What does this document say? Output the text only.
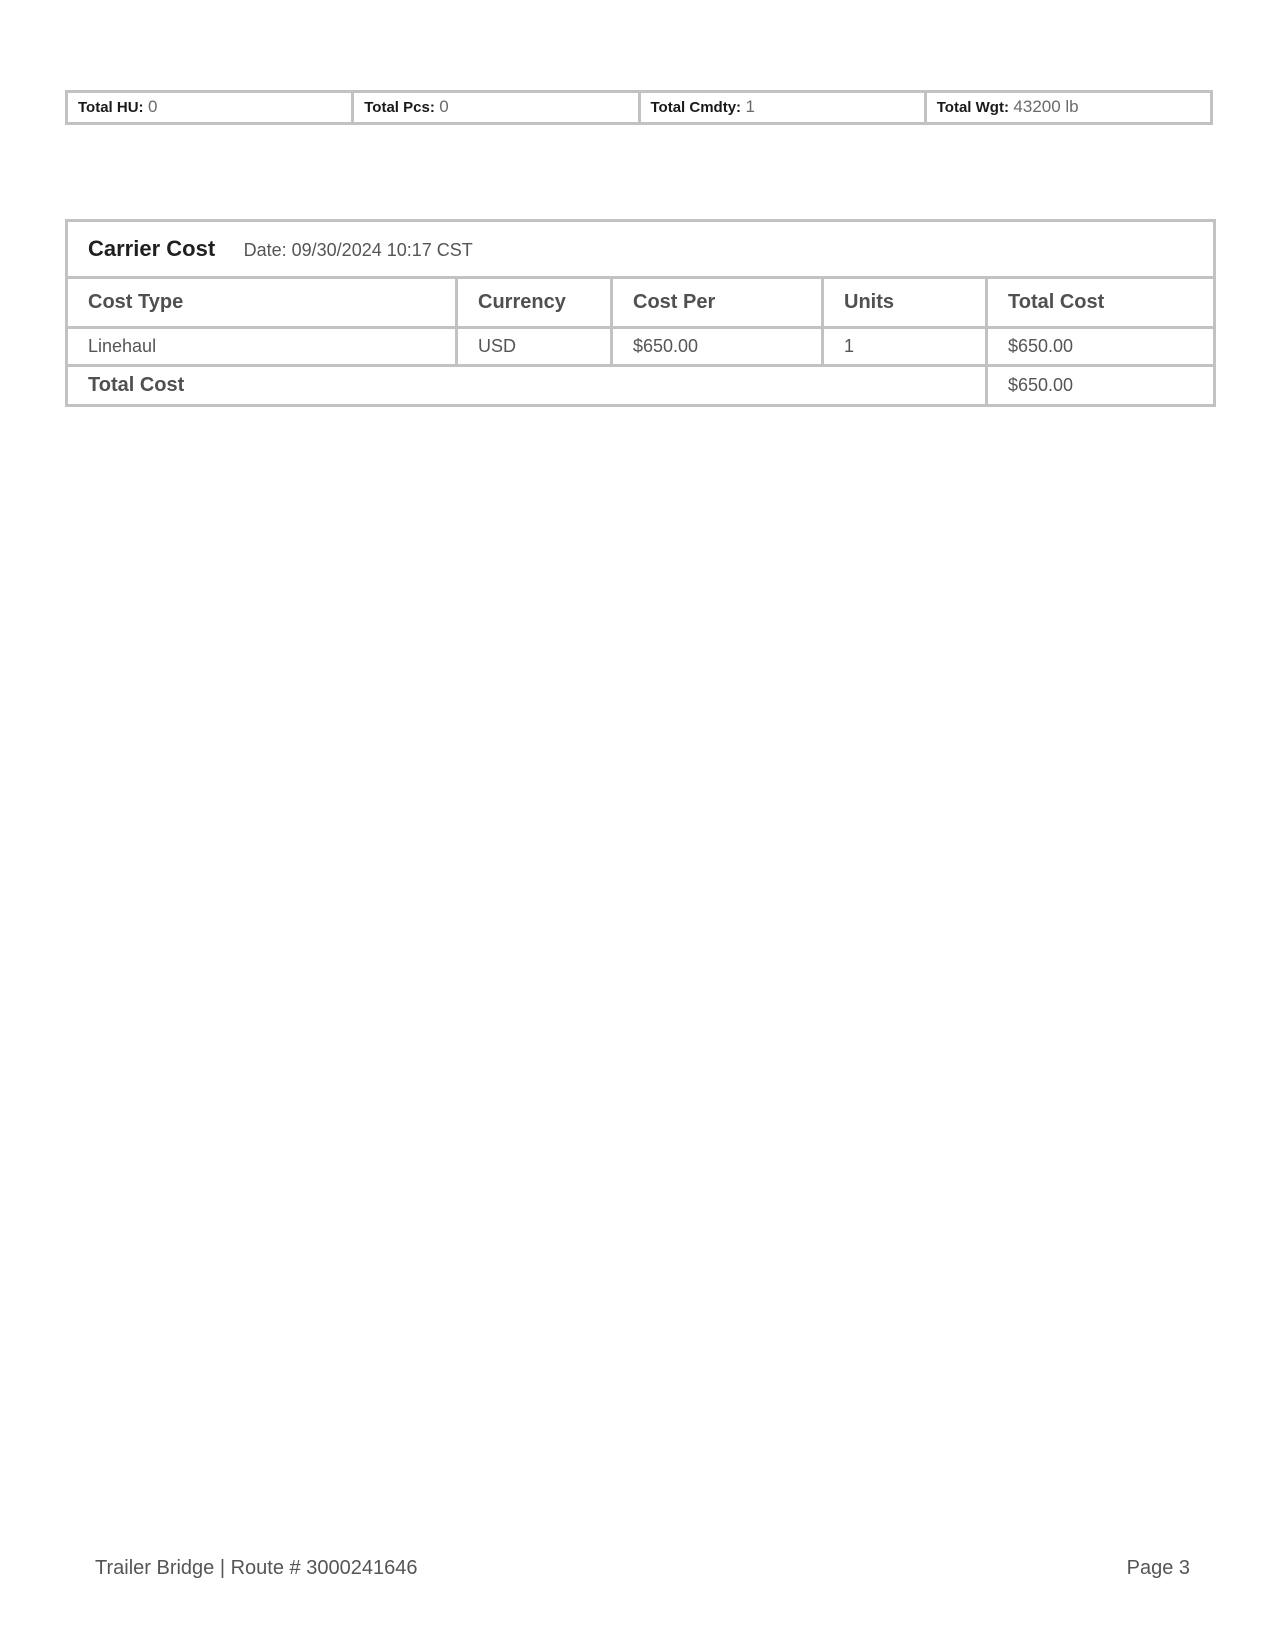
Total HU: 0	Total Pcs: 0	Total Cmdty: 1	Total Wgt: 43200 lb
Carrier Cost Date: 09/30/2024 10:17 CST				
Cost Type	Currency	Cost Per	Units	Total Cost
Linehaul	USD	$650.00	1	$650.00
Total Cost				$650.00
Trailer Bridge | Route # 3000241646	Page 3
